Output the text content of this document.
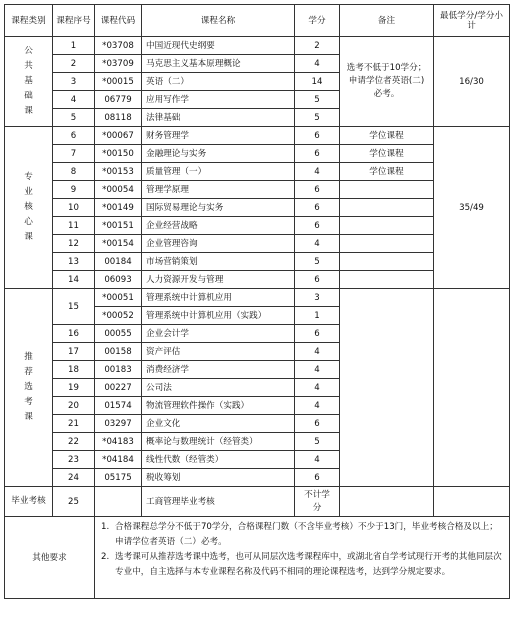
课程类别	课程序号	课程代码	课程名称	学分	备注	最低学分/学分小计

公共基础课	1	*03708	中国近现代史纲要	2	选考不低于10学分；申请学位者英语(二)必考。	16/30
	2	*03709	马克思主义基本原理概论	4		
	3	*00015	英语（二）	14		
	4	06779	应用写作学	5		
	5	08118	法律基础	5		

专业核心课	6	*00067	财务管理学	6	学位课程	35/49
	7	*00150	金融理论与实务	6	学位课程	
	8	*00153	质量管理（一）	4	学位课程	
	9	*00054	管理学原理	6		
	10	*00149	国际贸易理论与实务	6		
	11	*00151	企业经营战略	6		
	12	*00154	企业管理咨询	4		
	13	00184	市场营销策划	5		
	14	06093	人力资源开发与管理	6		

推荐选考课	15	*00051	管理系统中计算机应用	3		
		*00052	管理系统中计算机应用（实践）	1		
	16	00055	企业会计学	6		
	17	00158	资产评估	4		
	18	00183	消费经济学	4		
	19	00227	公司法	4		
	20	01574	物流管理软件操作（实践）	4		
	21	03297	企业文化	6		
	22	*04183	概率论与数理统计（经管类）	5		
	23	*04184	线性代数（经管类）	4		
	24	05175	税收筹划	6		
毕业考核	25		工商管理毕业考核	不计学分		
其他要求		1. 合格课程总学分不低于70学分，合格课程门数（不含毕业考核）不少于13门，毕业考核合格及以上；申请学位者英语（二）必考。
2. 选考课可从推荐选考课中选考，也可从同层次选考课程库中，或湖北省自学考试现行开考的其他同层次专业中，自主选择与本专业课程名称及代码不相同的理论课程选考，达到学分规定要求。				
